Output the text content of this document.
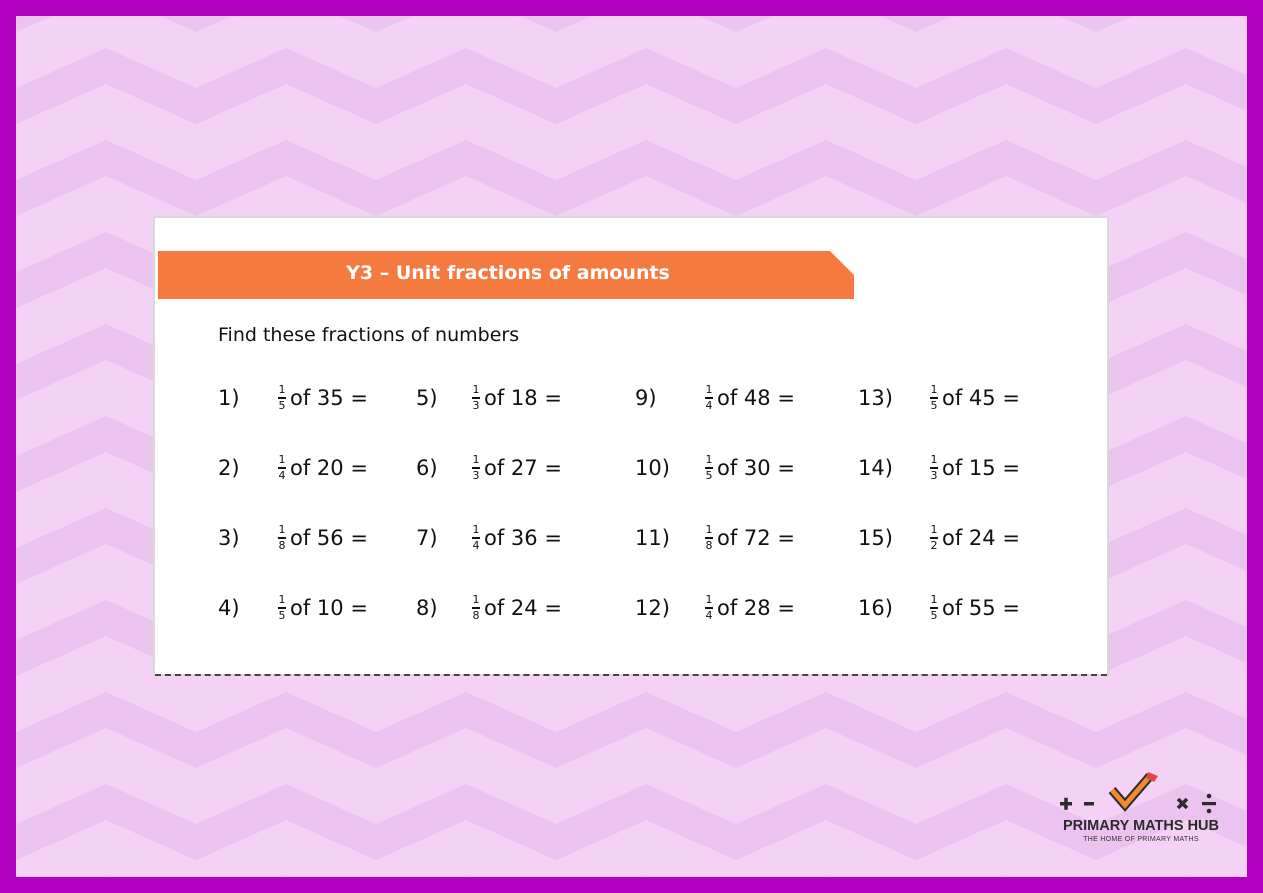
Y3 – Unit fractions of amounts
Find these fractions of numbers
1)	$\frac{1}{5}$ of 35 =
2)	$\frac{1}{4}$ of 20 =
3)	$\frac{1}{8}$ of 56 =
4)	$\frac{1}{5}$ of 10 =
5)	$\frac{1}{3}$ of 18 =
6)	$\frac{1}{3}$ of 27 =
7)	$\frac{1}{4}$ of 36 =
8)	$\frac{1}{8}$ of 24 =
9)	$\frac{1}{4}$ of 48 =
10)	$\frac{1}{5}$ of 30 =
11)	$\frac{1}{8}$ of 72 =
12)	$\frac{1}{4}$ of 28 =
13)	$\frac{1}{5}$ of 45 =
14)	$\frac{1}{3}$ of 15 =
15)	$\frac{1}{2}$ of 24 =
16)	$\frac{1}{5}$ of 55 =
PRIMARY MATHS HUB
THE HOME OF PRIMARY MATHS
